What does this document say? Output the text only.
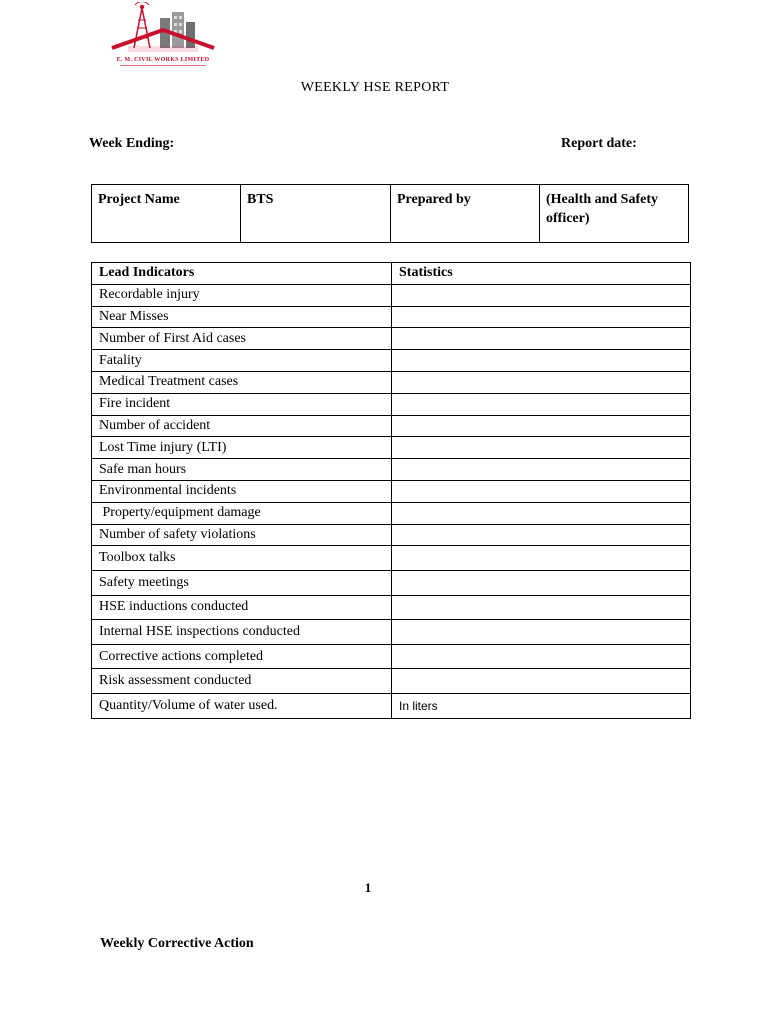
E. M. CIVIL WORKS LIMITED
WEEKLY HSE REPORT
Week Ending:	Report date:
Project Name	BTS	Prepared by	(Health and Safety officer)
Lead Indicators	Statistics
Recordable injury	
Near Misses	
Number of First Aid cases	
Fatality	
Medical Treatment cases	
Fire incident	
Number of accident	
Lost Time injury (LTI)	
Safe man hours	
Environmental incidents	
Property/equipment damage	
Number of safety violations	
Toolbox talks	
Safety meetings	
HSE inductions conducted	
Internal HSE inspections conducted	
Corrective actions completed	
Risk assessment conducted	
Quantity/Volume of water used.	In liters
1
Weekly Corrective Action
